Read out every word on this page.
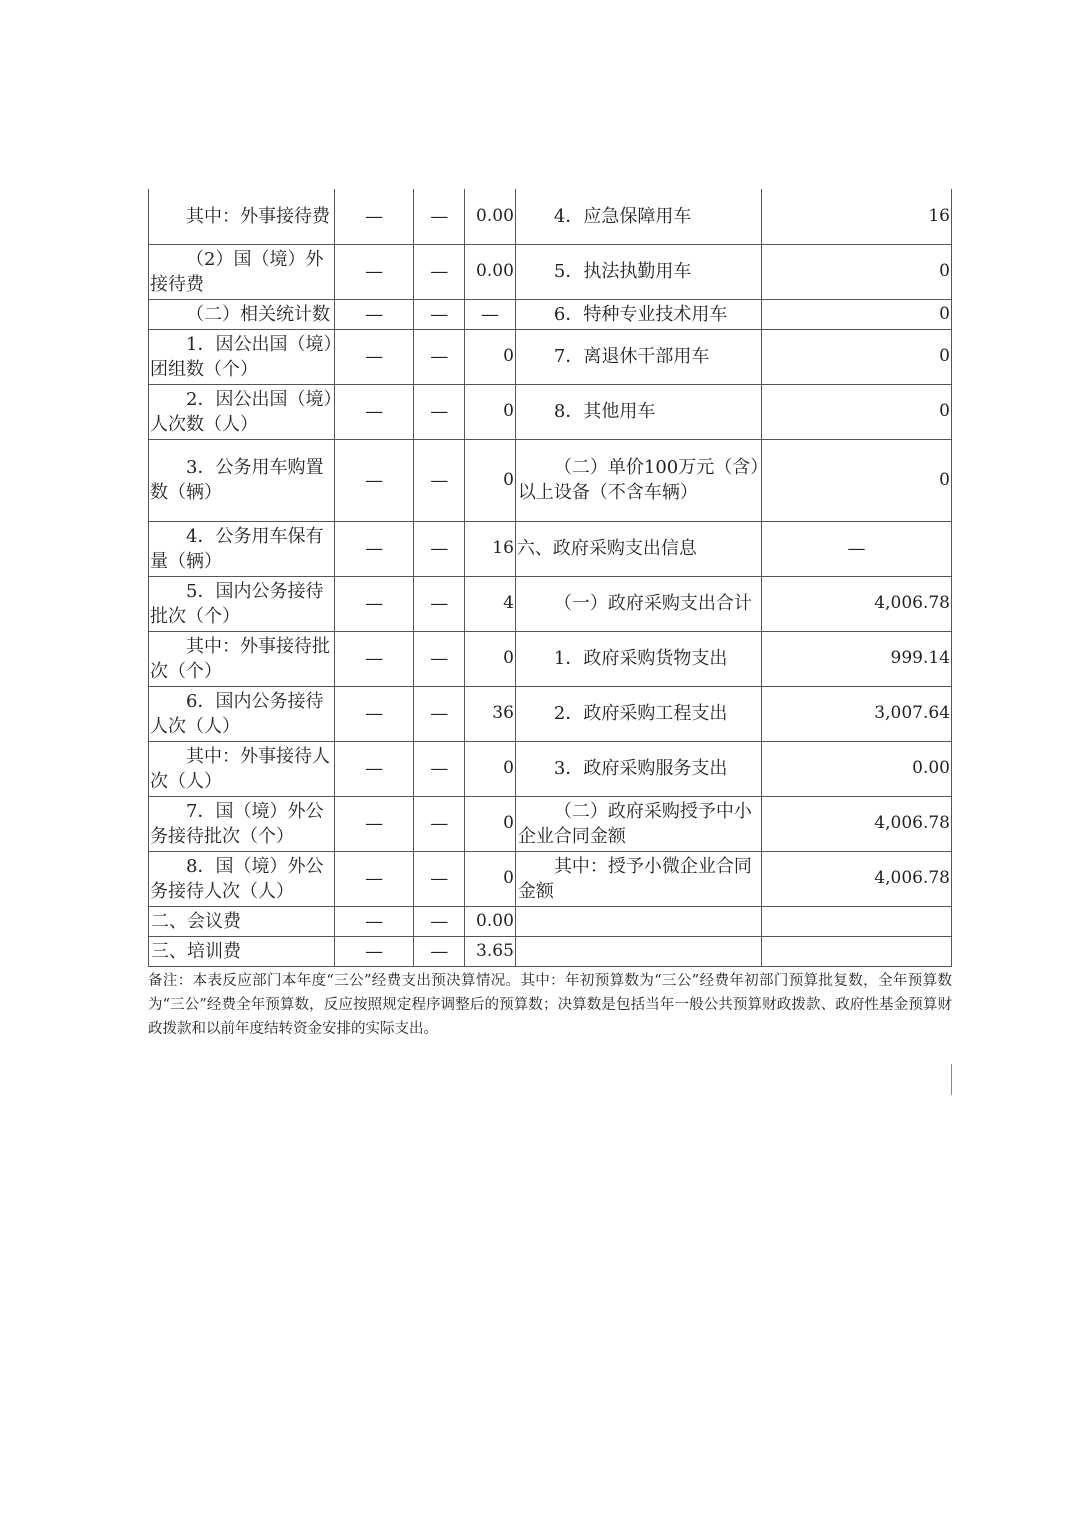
其中：外事接待费	—	—	0.00	4．应急保障用车	16

（2）国（境）外接待费	—	—	0.00	5．执法执勤用车	0

（二）相关统计数	—	—	—	6．特种专业技术用车	0

1．因公出国（境）团组数（个）	—	—	0	7．离退休干部用车	0

2．因公出国（境）人次数（人）	—	—	0	8．其他用车	0

3．公务用车购置数（辆）	—	—	0	（二）单价100万元（含）以上设备（不含车辆）	0

4．公务用车保有量（辆）	—	—	16	六、政府采购支出信息	—

5．国内公务接待批次（个）	—	—	4	（一）政府采购支出合计	4,006.78

其中：外事接待批次（个）	—	—	0	1．政府采购货物支出	999.14

6．国内公务接待人次（人）	—	—	36	2．政府采购工程支出	3,007.64

其中：外事接待人次（人）	—	—	0	3．政府采购服务支出	0.00

7．国（境）外公务接待批次（个）	—	—	0	（二）政府采购授予中小企业合同金额	4,006.78

8．国（境）外公务接待人次（人）	—	—	0	其中：授予小微企业合同金额	4,006.78
二、会议费	—	—	0.00		
三、培训费	—	—	3.65		
备注：本表反应部门本年度“三公”经费支出预决算情况。其中：年初预算数为“三公”经费年初部门预算批复数，全年预算数为“三公”经费全年预算数，反应按照规定程序调整后的预算数；决算数是包括当年一般公共预算财政拨款、政府性基金预算财政拨款和以前年度结转资金安排的实际支出。
